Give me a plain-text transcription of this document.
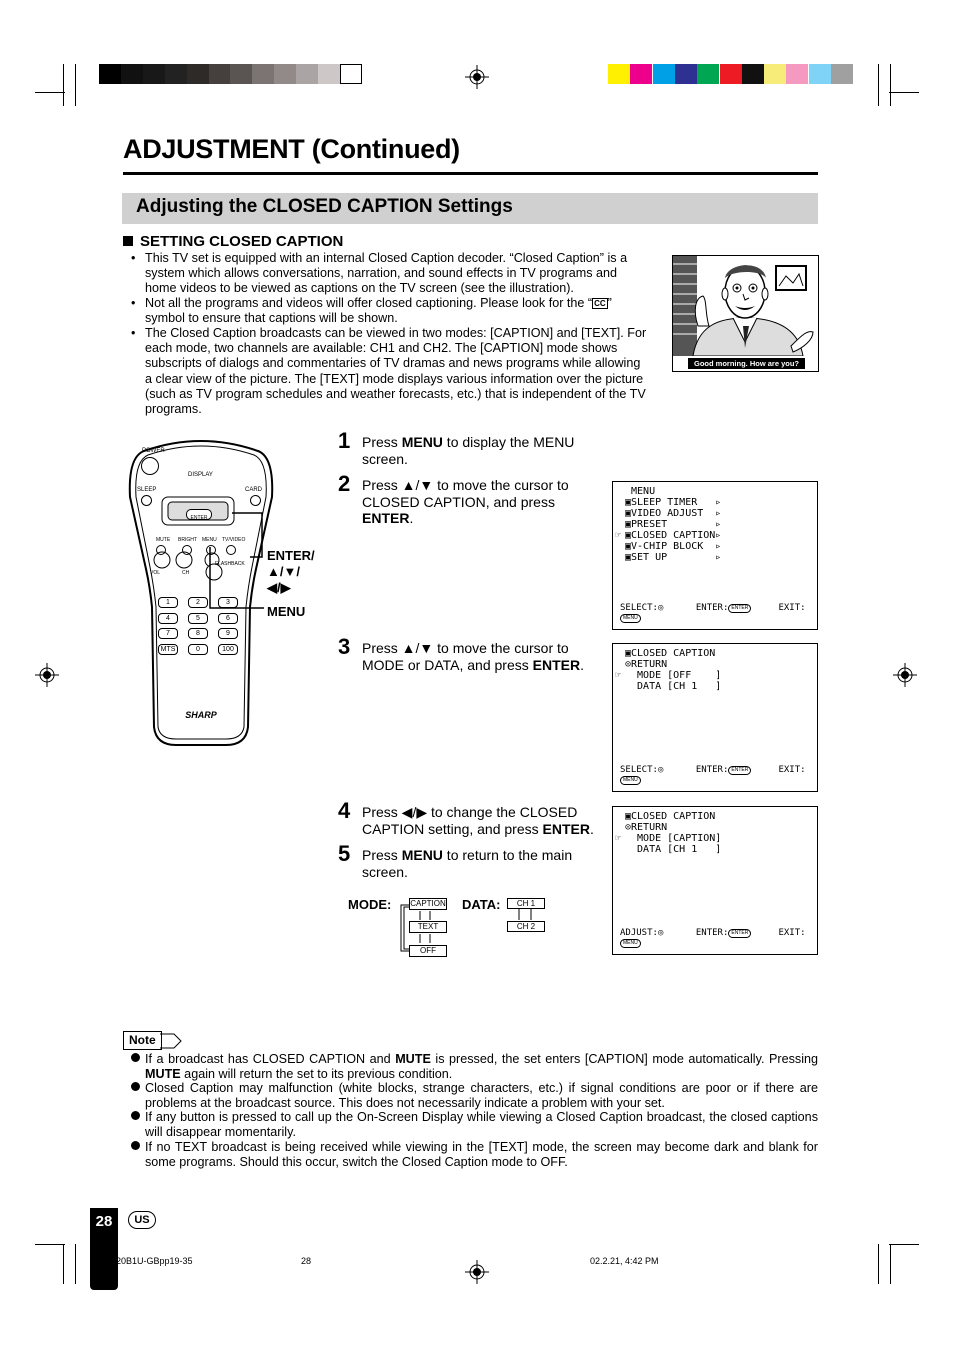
ADJUSTMENT (Continued)
Adjusting the CLOSED CAPTION Settings
SETTING CLOSED CAPTION
• This TV set is equipped with an internal Closed Caption decoder. “Closed Caption” is a system which allows conversations, narration, and sound effects in TV programs and home videos to be viewed as captions on the TV screen (see the illustration).
• Not all the programs and videos will offer closed captioning. Please look for the “ CC ” symbol to ensure that captions will be shown.
• The Closed Caption broadcasts can be viewed in two modes: [CAPTION] and [TEXT]. For each mode, two channels are available: CH1 and CH2. The [CAPTION] mode shows subscripts of dialogs and commentaries of TV dramas and news programs while allowing a clear view of the picture. The [TEXT] mode displays various information over the picture (such as TV program schedules and weather forecasts, etc.) that is independent of the TV programs.
Good morning. How are you?
POWER
DISPLAY
SLEEP	CARD
ENTER
MUTE BRIGHT MENU TV/VIDEO
FLASHBACK
VOL	CH
1	2	3
4	5	6
7	8	9
MTS	0	100
SHARP
ENTER/
▲/▼/
◀/▶
MENU
1 Press MENU to display the MENU screen.
2 Press ▲/▼ to move the cursor to CLOSED CAPTION, and press ENTER.
3 Press ▲/▼ to move the cursor to MODE or DATA, and press ENTER.
4 Press ◀/▶ to change the CLOSED CAPTION setting, and press ENTER.
5 Press MENU to return to the main screen.
MENU
▣SLEEP TIMER   ▹
▣VIDEO ADJUST  ▹
▣PRESET        ▹
▣CLOSED CAPTION▹
▣V-CHIP BLOCK  ▹
▣SET UP        ▹
☞
SELECT:◎      ENTER: ENTER	EXIT:MENU
▣CLOSED CAPTION
⊙RETURN
MODE [OFF    ]
DATA [CH 1   ]
☞
SELECT:◎      ENTER: ENTER	EXIT:MENU
▣CLOSED CAPTION
⊙RETURN
MODE [CAPTION]
DATA [CH 1   ]
☞
ADJUST:◎      ENTER: ENTER	EXIT:MENU
MODE: CAPTION
TEXT
OFF
DATA:	CH 1
CH 2
Note
If a broadcast has CLOSED CAPTION and MUTE is pressed, the set enters [CAPTION] mode automatically. Pressing MUTE again will return the set to its previous condition.
Closed Caption may malfunction (white blocks, strange characters, etc.) if signal conditions are poor or if there are problems at the broadcast source. This does not necessarily indicate a problem with your set.
If any button is pressed to call up the On-Screen Display while viewing a Closed Caption broadcast, the closed captions will disappear momentarily.
If no TEXT broadcast is being received while viewing in the [TEXT] mode, the screen may become dark and blank for some programs. Should this occur, switch the Closed Caption mode to OFF.
28	US
20B1U-GBpp19-35	28	02.2.21, 4:42 PM
